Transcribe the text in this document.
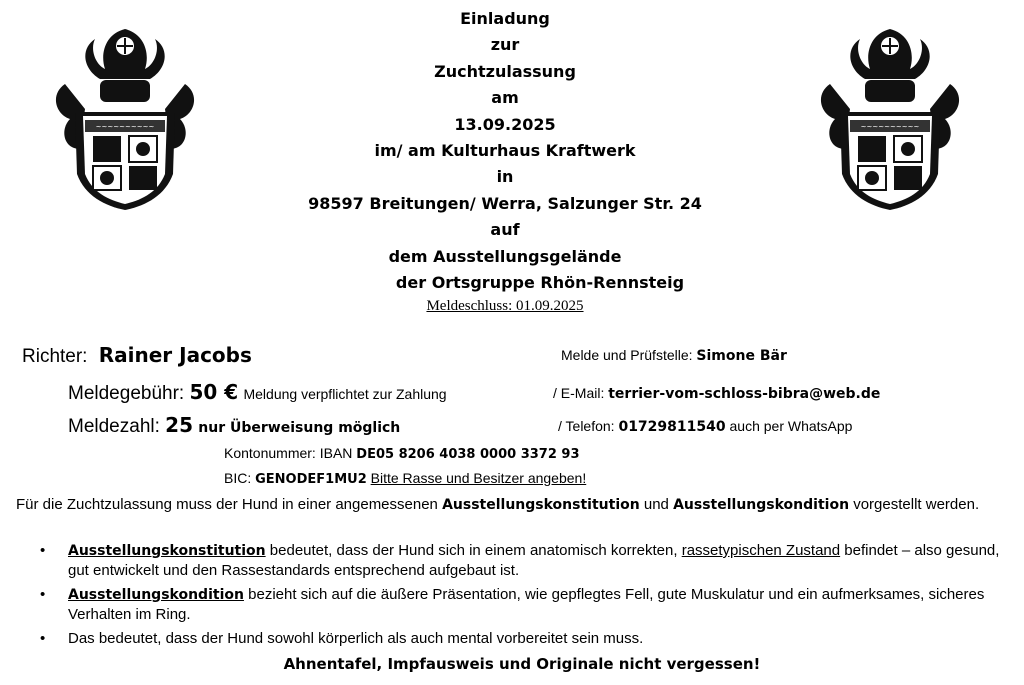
~~~~~~~~~~	~~~~~~~~~~
Einladung
zur
Zuchtzulassung
am
13.09.2025
im/ am Kulturhaus Kraftwerk
in
98597 Breitungen/ Werra, Salzunger Str. 24
auf
dem Ausstellungsgelände
der Ortsgruppe Rhön-Rennsteig
Meldeschluss: 01.09.2025
Richter: Rainer Jacobs
Meldegebühr: 50 € Meldung verpflichtet zur Zahlung
Meldezahl: 25 nur Überweisung möglich
Kontonummer: IBAN DE05 8206 4038 0000 3372 93
BIC: GENODEF1MU2 Bitte Rasse und Besitzer angeben!
Melde und Prüfstelle: Simone Bär
/ E-Mail: terrier-vom-schloss-bibra@web.de
/ Telefon: 01729811540 auch per WhatsApp
Für die Zuchtzulassung muss der Hund in einer angemessenen Ausstellungskonstitution und Ausstellungskondition vorgestellt werden.
• Ausstellungskonstitution bedeutet, dass der Hund sich in einem anatomisch korrekten, rassetypischen Zustand befindet – also gesund, gut entwickelt und den Rassestandards entsprechend aufgebaut ist.
• Ausstellungskondition bezieht sich auf die äußere Präsentation, wie gepflegtes Fell, gute Muskulatur und ein aufmerksames, sicheres Verhalten im Ring.
• Das bedeutet, dass der Hund sowohl körperlich als auch mental vorbereitet sein muss.
Ahnentafel, Impfausweis und Originale nicht vergessen!
